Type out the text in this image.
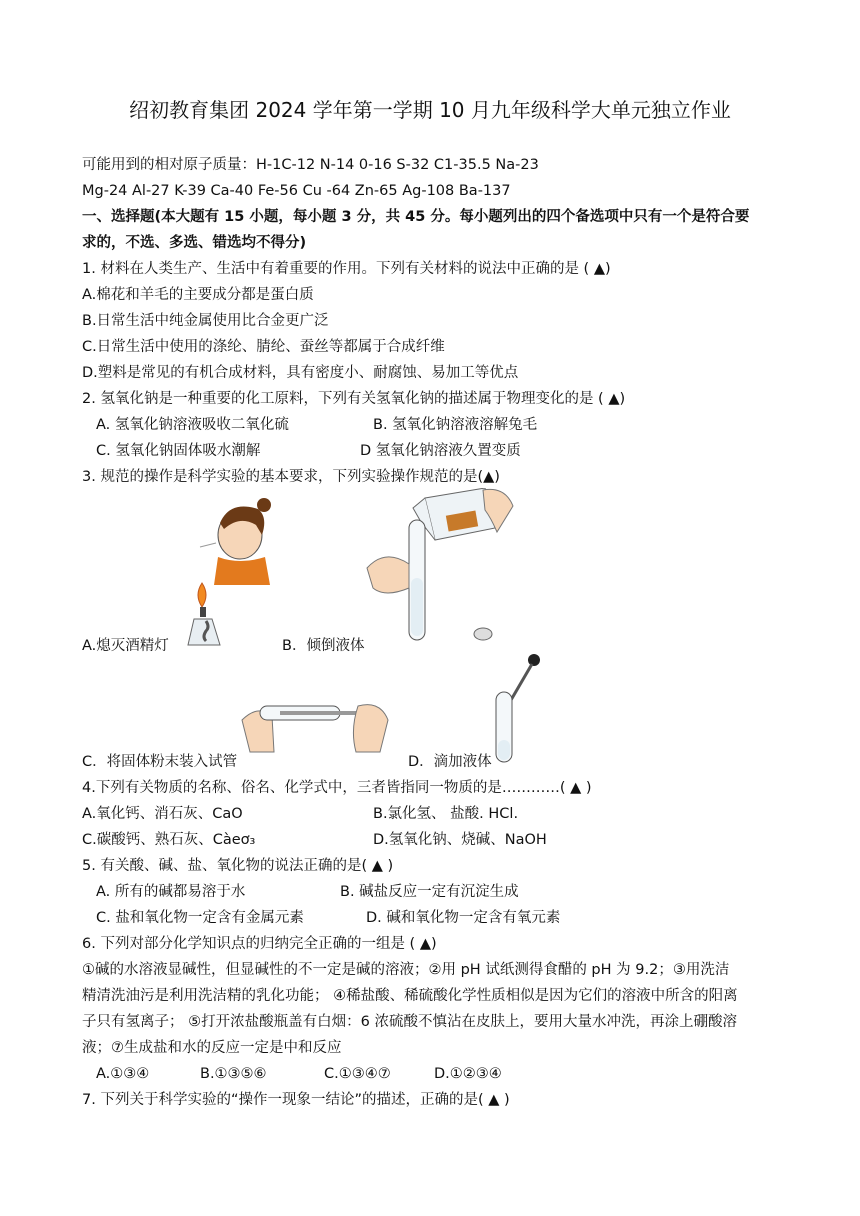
绍初教育集团 2024 学年第一学期 10 月九年级科学大单元独立作业
可能用到的相对原子质量：H-1C-12 N-14 0-16 S-32 C1-35.5 Na-23
Mg-24 Al-27 K-39 Ca-40 Fe-56 Cu -64 Zn-65 Ag-108 Ba-137
一、选择题(本大题有 15 小题，每小题 3 分，共 45 分。每小题列出的四个备选项中只有一个是符合要
求的，不选、多选、错选均不得分)
1. 材料在人类生产、生活中有着重要的作用。下列有关材料的说法中正确的是 ( ▲)
A.棉花和羊毛的主要成分都是蛋白质
B.日常生活中纯金属使用比合金更广泛
C.日常生活中使用的涤纶、腈纶、蚕丝等都属于合成纤维
D.塑料是常见的有机合成材料，具有密度小、耐腐蚀、易加工等优点
2. 氢氧化钠是一种重要的化工原料，下列有关氢氧化钠的描述属于物理变化的是 ( ▲)
A. 氢氧化钠溶液吸收二氧化硫	B. 氢氧化钠溶液溶解兔毛
C. 氢氧化钠固体吸水潮解	D 氢氧化钠溶液久置变质
3. 规范的操作是科学实验的基本要求，下列实验操作规范的是(▲)
A.熄灭酒精灯	B．倾倒液体
C．将固体粉末装入试管	D．滴加液体
4.下列有关物质的名称、俗名、化学式中，三者皆指同一物质的是…………( ▲ )
A.氧化钙、消石灰、CaO	B.氯化氢、 盐酸. HCl.
C.碳酸钙、熟石灰、Càeơ₃	D.氢氧化钠、烧碱、NaOH
5. 有关酸、碱、盐、氧化物的说法正确的是( ▲ )
A. 所有的碱都易溶于水	B. 碱盐反应一定有沉淀生成
C. 盐和氧化物一定含有金属元素	D. 碱和氧化物一定含有氧元素
6. 下列对部分化学知识点的归纳完全正确的一组是 ( ▲)
①碱的水溶液显碱性，但显碱性的不一定是碱的溶液；②用 pH 试纸测得食醋的 pH 为 9.2；③用洗洁
精清洗油污是利用洗洁精的乳化功能； ④稀盐酸、稀硫酸化学性质相似是因为它们的溶液中所含的阳离
子只有氢离子； ⑤打开浓盐酸瓶盖有白烟：6 浓硫酸不慎沾在皮肤上，要用大量水冲洗，再涂上硼酸溶
液；⑦生成盐和水的反应一定是中和反应
A.①③④	B.①③⑤⑥	C.①③④⑦	D.①②③④
7. 下列关于科学实验的“操作一现象一结论”的描述，正确的是( ▲ )
